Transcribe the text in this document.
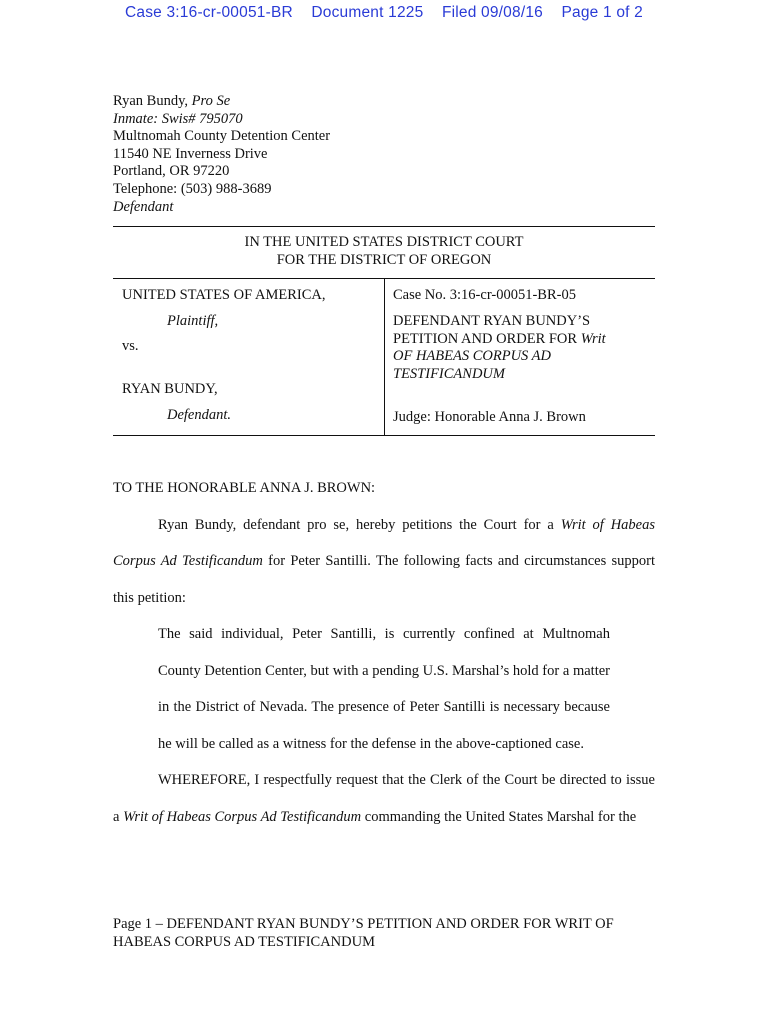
Case 3:16-cr-00051-BR Document 1225 Filed 09/08/16 Page 1 of 2
Ryan Bundy, Pro Se
Inmate: Swis# 795070
Multnomah County Detention Center
11540 NE Inverness Drive
Portland, OR 97220
Telephone: (503) 988-3689
Defendant
IN THE UNITED STATES DISTRICT COURT
FOR THE DISTRICT OF OREGON
UNITED STATES OF AMERICA,
Plaintiff,
vs.
RYAN BUNDY,
Defendant.
Case No. 3:16-cr-00051-BR-05
DEFENDANT RYAN BUNDY’S
PETITION AND ORDER FOR Writ
OF HABEAS CORPUS AD
TESTIFICANDUM
Judge: Honorable Anna J. Brown

TO THE HONORABLE ANNA J. BROWN:

Ryan Bundy, defendant pro se, hereby petitions the Court for a Writ of Habeas Corpus Ad Testificandum for Peter Santilli. The following facts and circumstances support this petition:

The said individual, Peter Santilli, is currently confined at Multnomah County Detention Center, but with a pending U.S. Marshal’s hold for a matter in the District of Nevada. The presence of Peter Santilli is necessary because he will be called as a witness for the defense in the above-captioned case.

WHEREFORE, I respectfully request that the Clerk of the Court be directed to issue a Writ of Habeas Corpus Ad Testificandum commanding the United States Marshal for the

Page 1 – DEFENDANT RYAN BUNDY’S PETITION AND ORDER FOR WRIT OF HABEAS CORPUS AD TESTIFICANDUM
